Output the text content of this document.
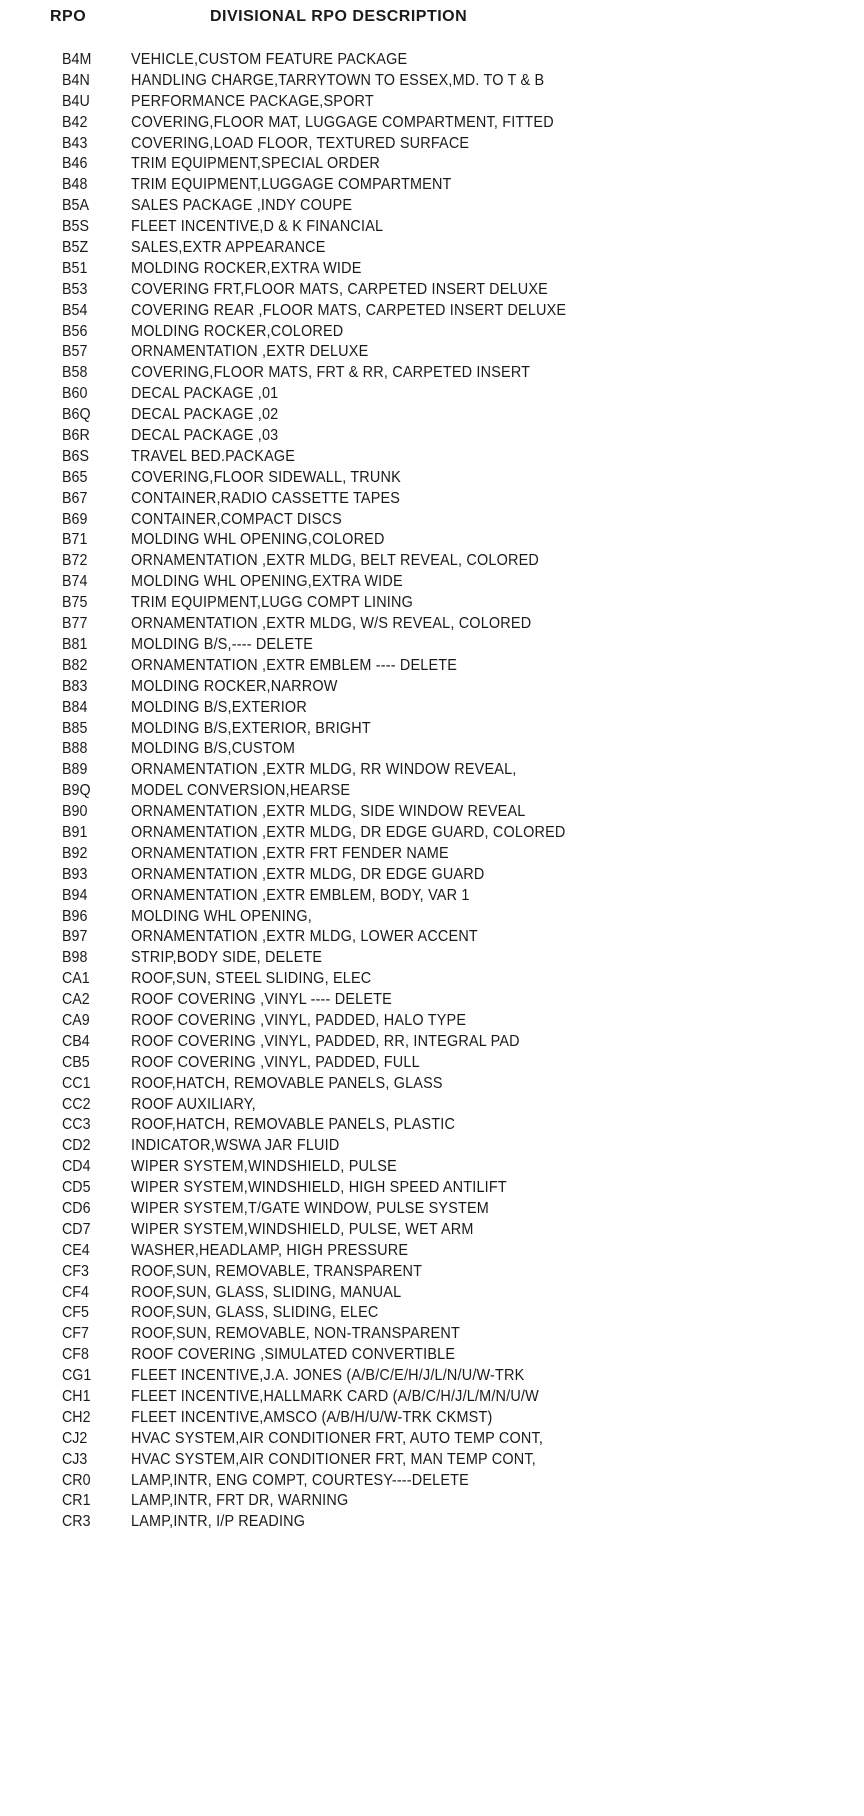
RPO	DIVISIONAL RPO DESCRIPTION
B4M	VEHICLE,CUSTOM FEATURE PACKAGE
B4N	HANDLING CHARGE,TARRYTOWN TO ESSEX,MD. TO T & B
B4U	PERFORMANCE PACKAGE,SPORT
B42	COVERING,FLOOR MAT, LUGGAGE COMPARTMENT, FITTED
B43	COVERING,LOAD FLOOR, TEXTURED SURFACE
B46	TRIM EQUIPMENT,SPECIAL ORDER
B48	TRIM EQUIPMENT,LUGGAGE COMPARTMENT
B5A	SALES PACKAGE ,INDY COUPE
B5S	FLEET INCENTIVE,D & K FINANCIAL
B5Z	SALES,EXTR APPEARANCE
B51	MOLDING ROCKER,EXTRA WIDE
B53	COVERING FRT,FLOOR MATS, CARPETED INSERT DELUXE
B54	COVERING REAR ,FLOOR MATS, CARPETED INSERT DELUXE
B56	MOLDING ROCKER,COLORED
B57	ORNAMENTATION ,EXTR DELUXE
B58	COVERING,FLOOR MATS, FRT & RR, CARPETED INSERT
B60	DECAL PACKAGE ,01
B6Q	DECAL PACKAGE ,02
B6R	DECAL PACKAGE ,03
B6S	TRAVEL BED.PACKAGE
B65	COVERING,FLOOR SIDEWALL, TRUNK
B67	CONTAINER,RADIO CASSETTE TAPES
B69	CONTAINER,COMPACT DISCS
B71	MOLDING WHL OPENING,COLORED
B72	ORNAMENTATION ,EXTR MLDG, BELT REVEAL, COLORED
B74	MOLDING WHL OPENING,EXTRA WIDE
B75	TRIM EQUIPMENT,LUGG COMPT LINING
B77	ORNAMENTATION ,EXTR MLDG, W/S REVEAL, COLORED
B81	MOLDING B/S,---- DELETE
B82	ORNAMENTATION ,EXTR EMBLEM ---- DELETE
B83	MOLDING ROCKER,NARROW
B84	MOLDING B/S,EXTERIOR
B85	MOLDING B/S,EXTERIOR, BRIGHT
B88	MOLDING B/S,CUSTOM
B89	ORNAMENTATION ,EXTR MLDG, RR WINDOW REVEAL,
B9Q	MODEL CONVERSION,HEARSE
B90	ORNAMENTATION ,EXTR MLDG, SIDE WINDOW REVEAL
B91	ORNAMENTATION ,EXTR MLDG, DR EDGE GUARD, COLORED
B92	ORNAMENTATION ,EXTR FRT FENDER NAME
B93	ORNAMENTATION ,EXTR MLDG, DR EDGE GUARD
B94	ORNAMENTATION ,EXTR EMBLEM, BODY, VAR 1
B96	MOLDING WHL OPENING,
B97	ORNAMENTATION ,EXTR MLDG, LOWER ACCENT
B98	STRIP,BODY SIDE, DELETE
CA1	ROOF,SUN, STEEL SLIDING, ELEC
CA2	ROOF COVERING ,VINYL ---- DELETE
CA9	ROOF COVERING ,VINYL, PADDED, HALO TYPE
CB4	ROOF COVERING ,VINYL, PADDED, RR, INTEGRAL PAD
CB5	ROOF COVERING ,VINYL, PADDED, FULL
CC1	ROOF,HATCH, REMOVABLE PANELS, GLASS
CC2	ROOF AUXILIARY,
CC3	ROOF,HATCH, REMOVABLE PANELS, PLASTIC
CD2	INDICATOR,WSWA JAR FLUID
CD4	WIPER SYSTEM,WINDSHIELD, PULSE
CD5	WIPER SYSTEM,WINDSHIELD, HIGH SPEED ANTILIFT
CD6	WIPER SYSTEM,T/GATE WINDOW, PULSE SYSTEM
CD7	WIPER SYSTEM,WINDSHIELD, PULSE, WET ARM
CE4	WASHER,HEADLAMP, HIGH PRESSURE
CF3	ROOF,SUN, REMOVABLE, TRANSPARENT
CF4	ROOF,SUN, GLASS, SLIDING, MANUAL
CF5	ROOF,SUN, GLASS, SLIDING, ELEC
CF7	ROOF,SUN, REMOVABLE, NON-TRANSPARENT
CF8	ROOF COVERING ,SIMULATED CONVERTIBLE
CG1	FLEET INCENTIVE,J.A. JONES (A/B/C/E/H/J/L/N/U/W-TRK
CH1	FLEET INCENTIVE,HALLMARK CARD (A/B/C/H/J/L/M/N/U/W
CH2	FLEET INCENTIVE,AMSCO (A/B/H/U/W-TRK CKMST)
CJ2	HVAC SYSTEM,AIR CONDITIONER FRT, AUTO TEMP CONT,
CJ3	HVAC SYSTEM,AIR CONDITIONER FRT, MAN TEMP CONT,
CR0	LAMP,INTR, ENG COMPT, COURTESY----DELETE
CR1	LAMP,INTR, FRT DR, WARNING
CR3	LAMP,INTR, I/P READING
